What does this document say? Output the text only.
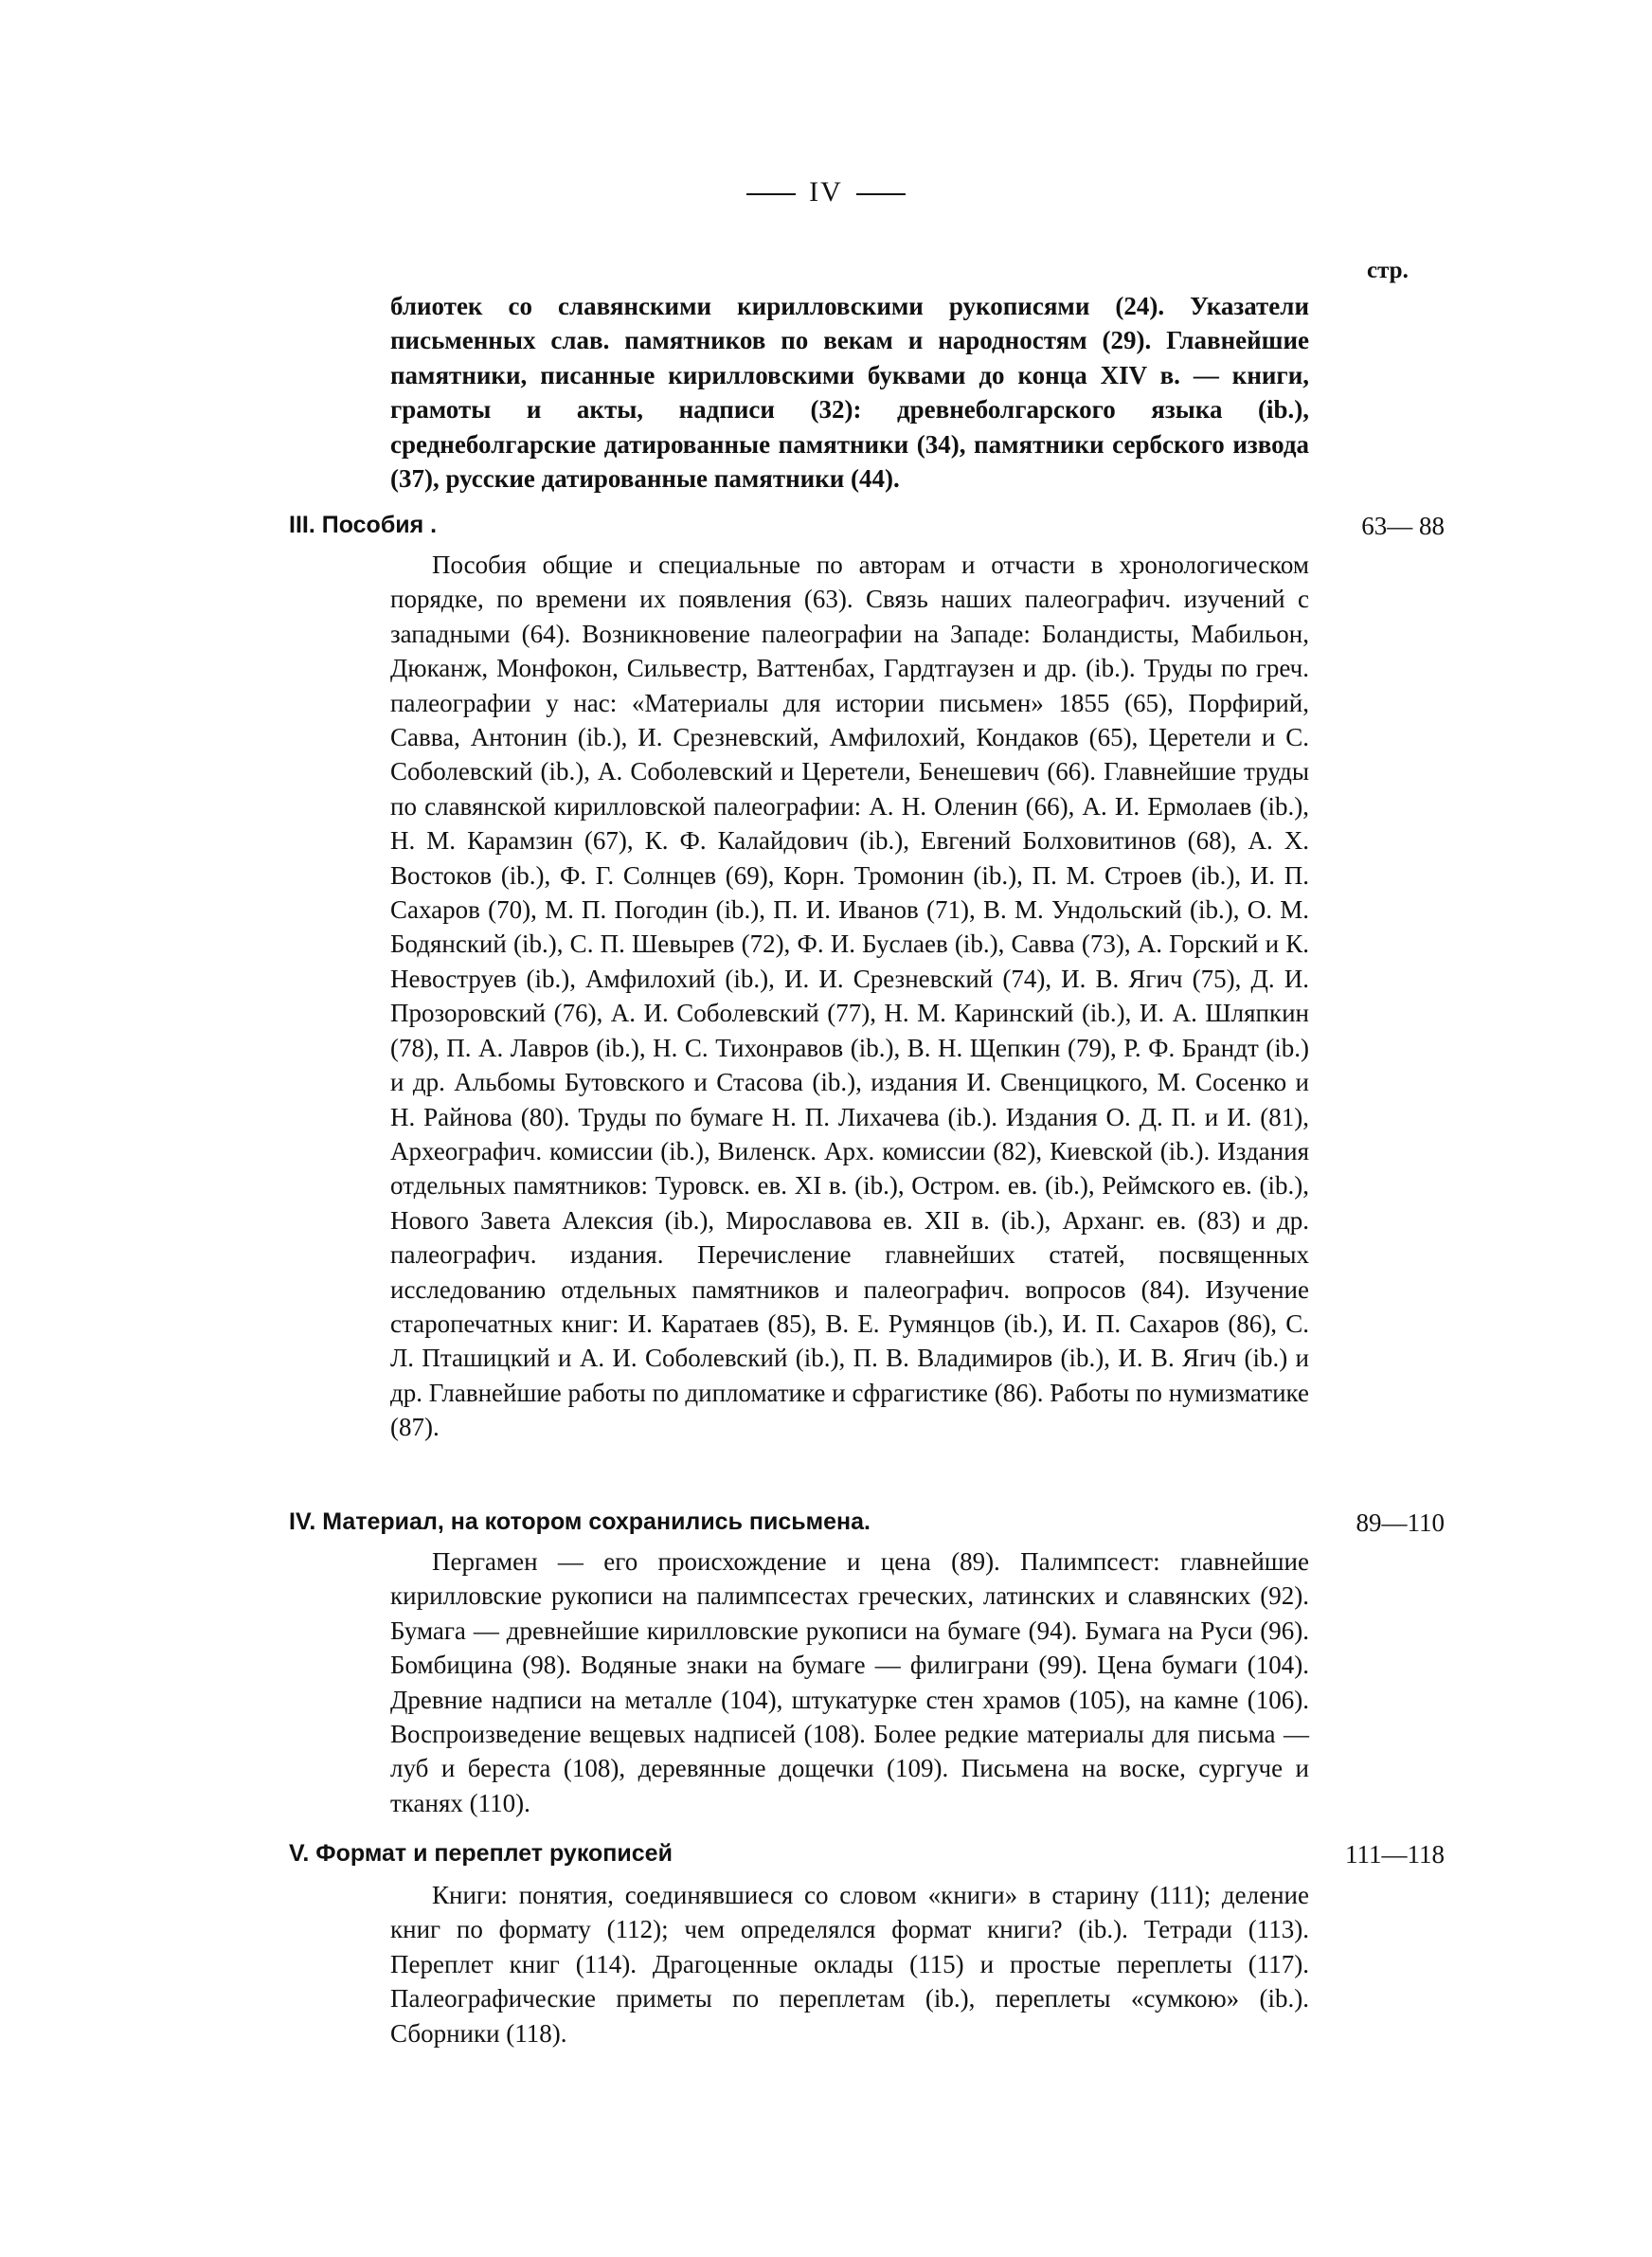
IV
стр.
блиотек со славянскими кирилловскими рукописями (24). Указатели письменных слав. памятников по векам и народностям (29). Главнейшие памятники, писанные кирилловскими буквами до конца XIV в. — книги, грамоты и акты, надписи (32): древнеболгарского языка (ib.), среднеболгарские датированные памятники (34), памятники сербского извода (37), русские датированные памятники (44).
III. Пособия .	63— 88
Пособия общие и специальные по авторам и отчасти в хронологическом порядке, по времени их появления (63). Связь наших палеографич. изучений с западными (64). Возникновение палеографии на Западе: Боландисты, Мабильон, Дюканж, Монфокон, Сильвестр, Ваттенбах, Гардтгаузен и др. (ib.). Труды по греч. палеографии у нас: «Материалы для истории письмен» 1855 (65), Порфирий, Савва, Антонин (ib.), И. Срезневский, Амфилохий, Кондаков (65), Церетели и С. Соболевский (ib.), А. Соболевский и Церетели, Бенешевич (66). Главнейшие труды по славянской кирилловской палеографии: А. Н. Оленин (66), А. И. Ермолаев (ib.), Н. М. Карамзин (67), К. Ф. Калайдович (ib.), Евгений Болховитинов (68), А. Х. Востоков (ib.), Ф. Г. Солнцев (69), Корн. Тромонин (ib.), П. М. Строев (ib.), И. П. Сахаров (70), М. П. Погодин (ib.), П. И. Иванов (71), В. М. Ундольский (ib.), О. М. Бодянский (ib.), С. П. Шевырев (72), Ф. И. Буслаев (ib.), Савва (73), А. Горский и К. Невоструев (ib.), Амфилохий (ib.), И. И. Срезневский (74), И. В. Ягич (75), Д. И. Прозоровский (76), А. И. Соболевский (77), Н. М. Каринский (ib.), И. А. Шляпкин (78), П. А. Лавров (ib.), Н. С. Тихонравов (ib.), В. Н. Щепкин (79), Р. Ф. Брандт (ib.) и др. Альбомы Бутовского и Стасова (ib.), издания И. Свенцицкого, М. Сосенко и Н. Райнова (80). Труды по бумаге Н. П. Лихачева (ib.). Издания О. Д. П. и И. (81), Археографич. комиссии (ib.), Виленск. Арх. комиссии (82), Киевской (ib.). Издания отдельных памятников: Туровск. ев. XI в. (ib.), Остром. ев. (ib.), Реймского ев. (ib.), Нового Завета Алексия (ib.), Мирославова ев. XII в. (ib.), Арханг. ев. (83) и др. палеографич. издания. Перечисление главнейших статей, посвященных исследованию отдельных памятников и палеографич. вопросов (84). Изучение старопечатных книг: И. Каратаев (85), В. Е. Румянцов (ib.), И. П. Сахаров (86), С. Л. Пташицкий и А. И. Соболевский (ib.), П. В. Владимиров (ib.), И. В. Ягич (ib.) и др. Главнейшие работы по дипломатике и сфрагистике (86). Работы по нумизматике (87).
IV. Материал, на котором сохранились письмена.	89—110
Пергамен — его происхождение и цена (89). Палимпсест: главнейшие кирилловские рукописи на палимпсестах греческих, латинских и славянских (92). Бумага — древнейшие кирилловские рукописи на бумаге (94). Бумага на Руси (96). Бомбицина (98). Водяные знаки на бумаге — филиграни (99). Цена бумаги (104). Древние надписи на металле (104), штукатурке стен храмов (105), на камне (106). Воспроизведение вещевых надписей (108). Более редкие материалы для письма — луб и береста (108), деревянные дощечки (109). Письмена на воске, сургуче и тканях (110).
V. Формат и переплет рукописей	111—118
Книги: понятия, соединявшиеся со словом «книги» в старину (111); деление книг по формату (112); чем определялся формат книги? (ib.). Тетради (113). Переплет книг (114). Драгоценные оклады (115) и простые переплеты (117). Палеографические приметы по переплетам (ib.), переплеты «сумкою» (ib.). Сборники (118).
